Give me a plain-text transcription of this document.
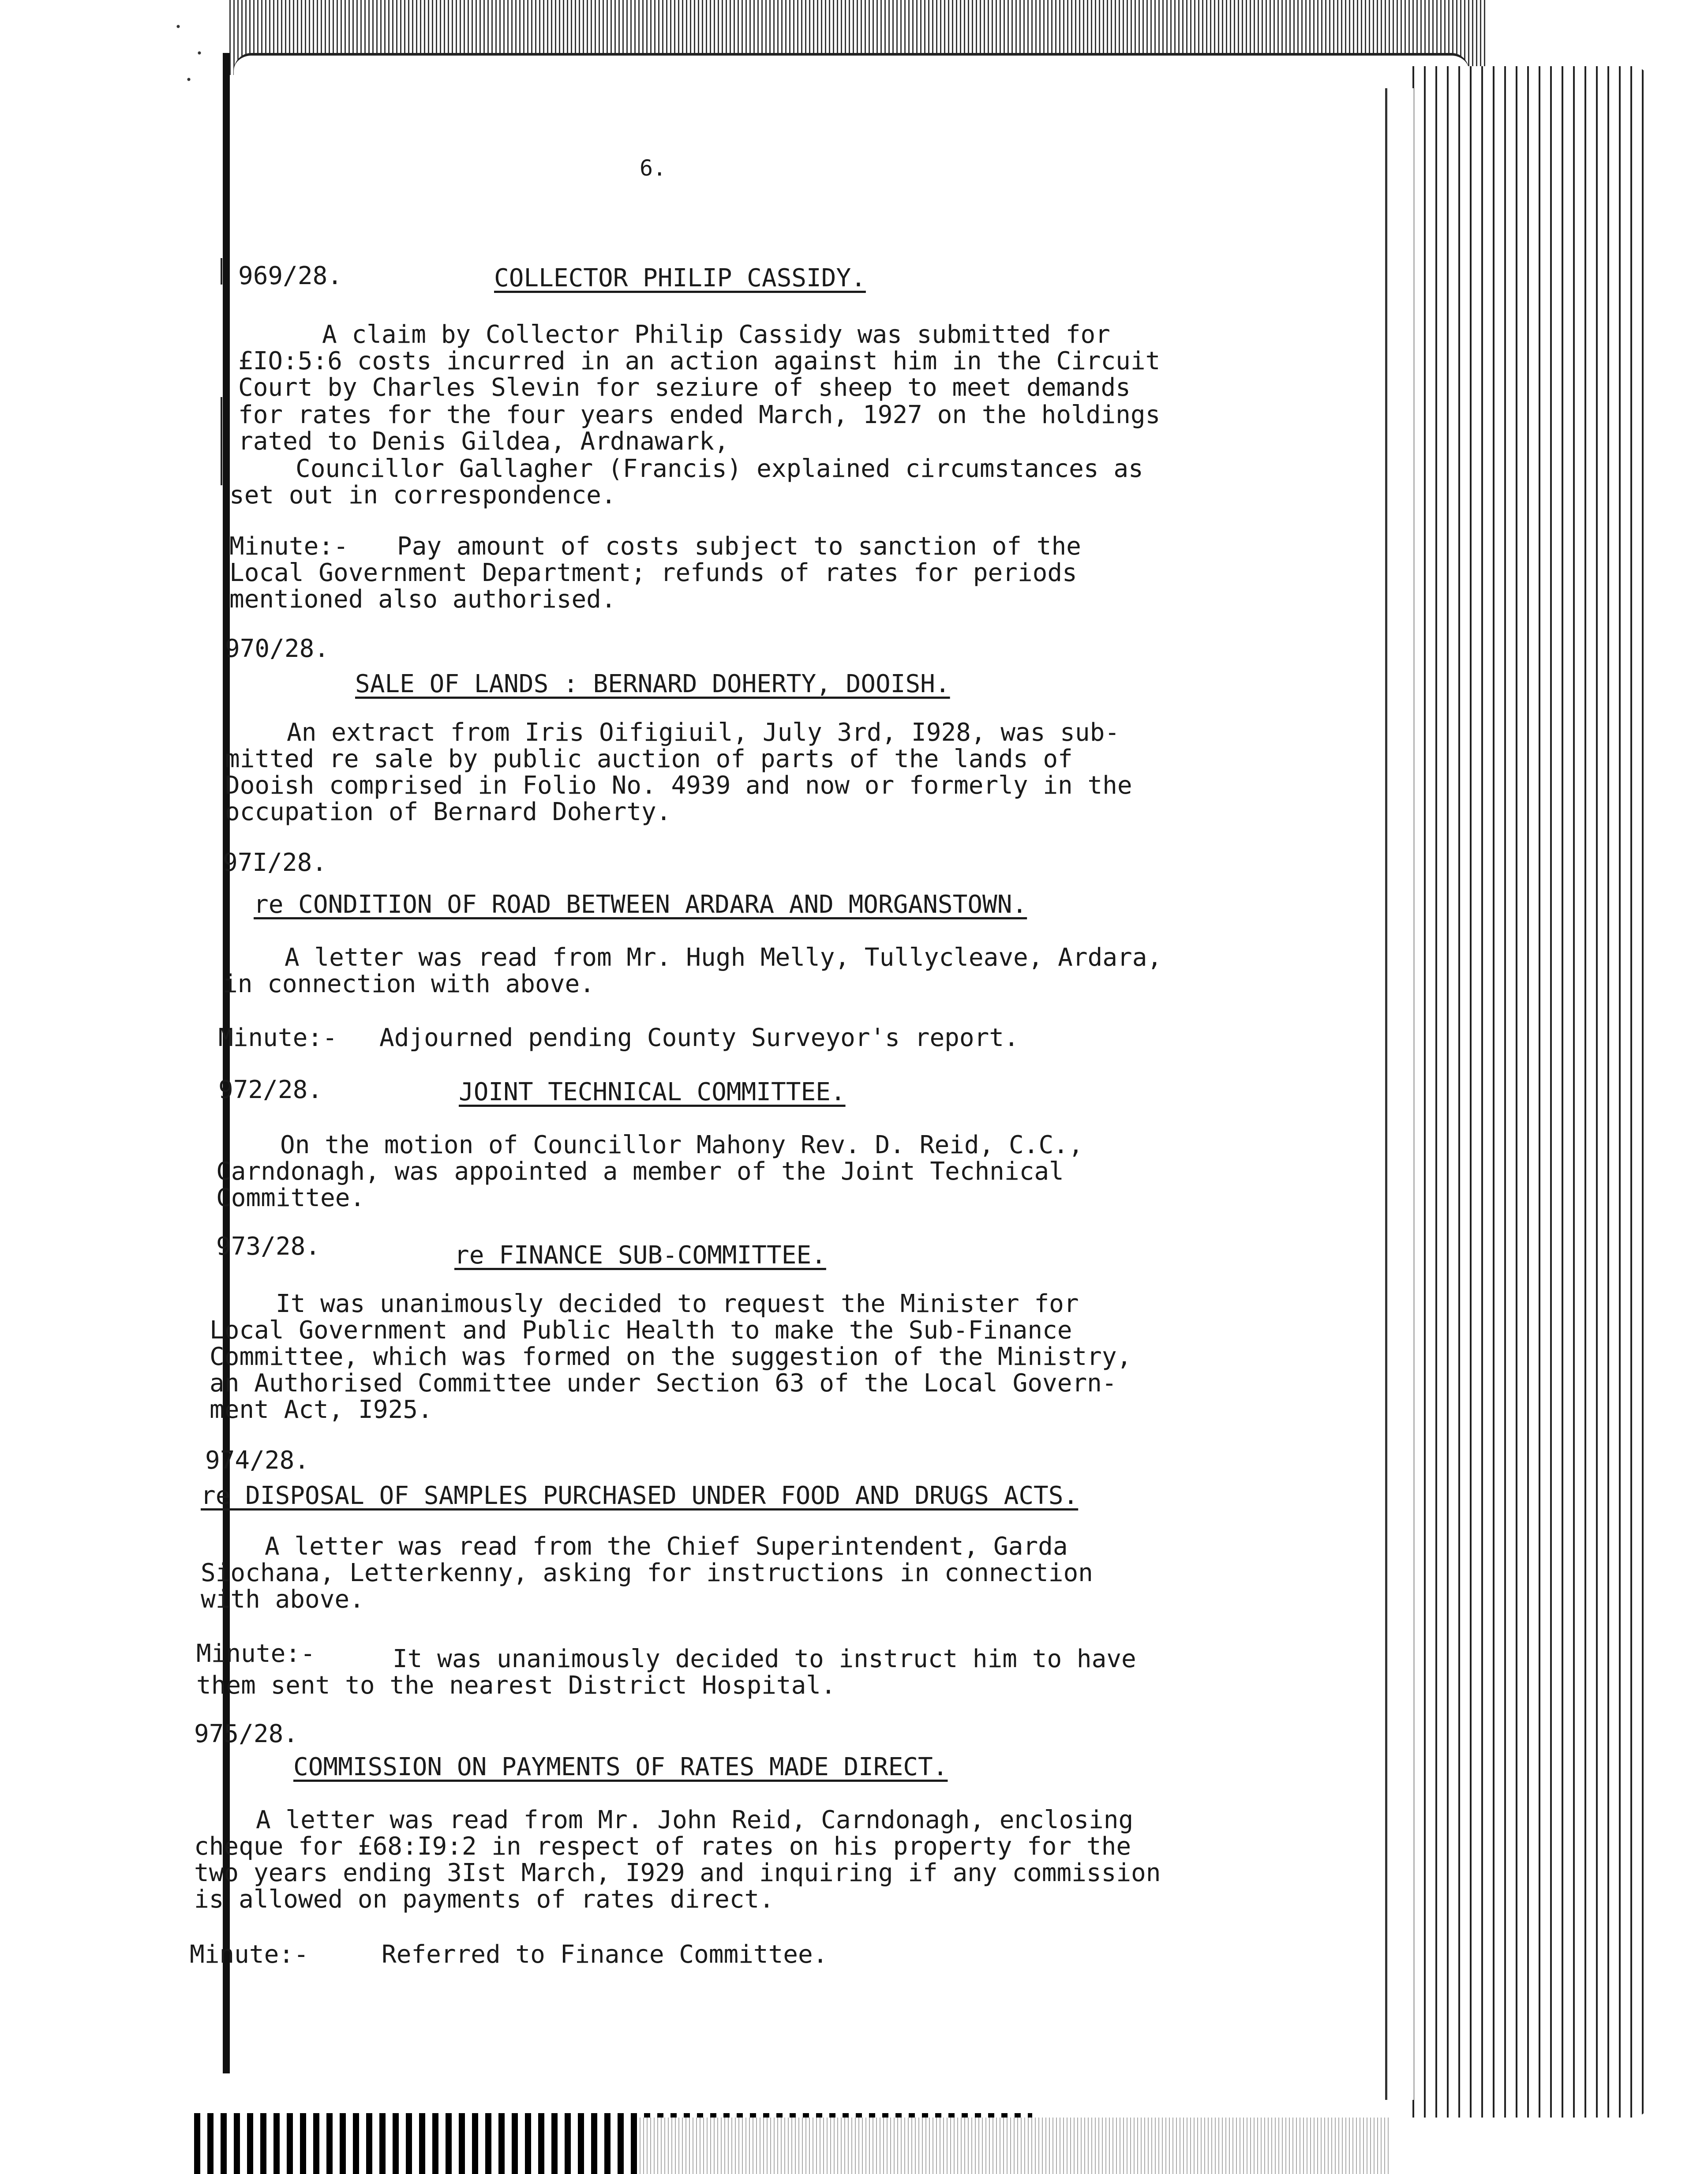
6.
969/28.	COLLECTOR PHILIP CASSIDY.
A claim by Collector Philip Cassidy was submitted for
£IO:5:6 costs incurred in an action against him in the Circuit
Court by Charles Slevin for seziure of sheep to meet demands
for rates for the four years ended March, 1927 on the holdings
rated to Denis Gildea, Ardnawark,
Councillor Gallagher (Francis) explained circumstances as
set out in correspondence.
Minute:- Pay amount of costs subject to sanction of the
Local Government Department; refunds of rates for periods
mentioned also authorised.
970/28.
SALE OF LANDS : BERNARD DOHERTY, DOOISH.
An extract from Iris Oifigiuil, July 3rd, I928, was sub-
mitted re sale by public auction of parts of the lands of
Dooish comprised in Folio No. 4939 and now or formerly in the
occupation of Bernard Doherty.
97I/28.
re CONDITION OF ROAD BETWEEN ARDARA AND MORGANSTOWN.
A letter was read from Mr. Hugh Melly, Tullycleave, Ardara,
in connection with above.
Minute:- Adjourned pending County Surveyor's report.
972/28.	JOINT TECHNICAL COMMITTEE.
On the motion of Councillor Mahony Rev. D. Reid, C.C.,
Carndonagh, was appointed a member of the Joint Technical
Committee.
973/28.	re FINANCE SUB-COMMITTEE.
It was unanimously decided to request the Minister for
Local Government and Public Health to make the Sub-Finance
Committee, which was formed on the suggestion of the Ministry,
an Authorised Committee under Section 63 of the Local Govern-
ment Act, I925.
974/28.
re DISPOSAL OF SAMPLES PURCHASED UNDER FOOD AND DRUGS ACTS.
A letter was read from the Chief Superintendent, Garda
Siochana, Letterkenny, asking for instructions in connection
with above.
Minute:-	It was unanimously decided to instruct him to have
them sent to the nearest District Hospital.
975/28.
COMMISSION ON PAYMENTS OF RATES MADE DIRECT.
A letter was read from Mr. John Reid, Carndonagh, enclosing
cheque for £68:I9:2 in respect of rates on his property for the
two years ending 3Ist March, I929 and inquiring if any commission
is allowed on payments of rates direct.
Minute:-	Referred to Finance Committee.
